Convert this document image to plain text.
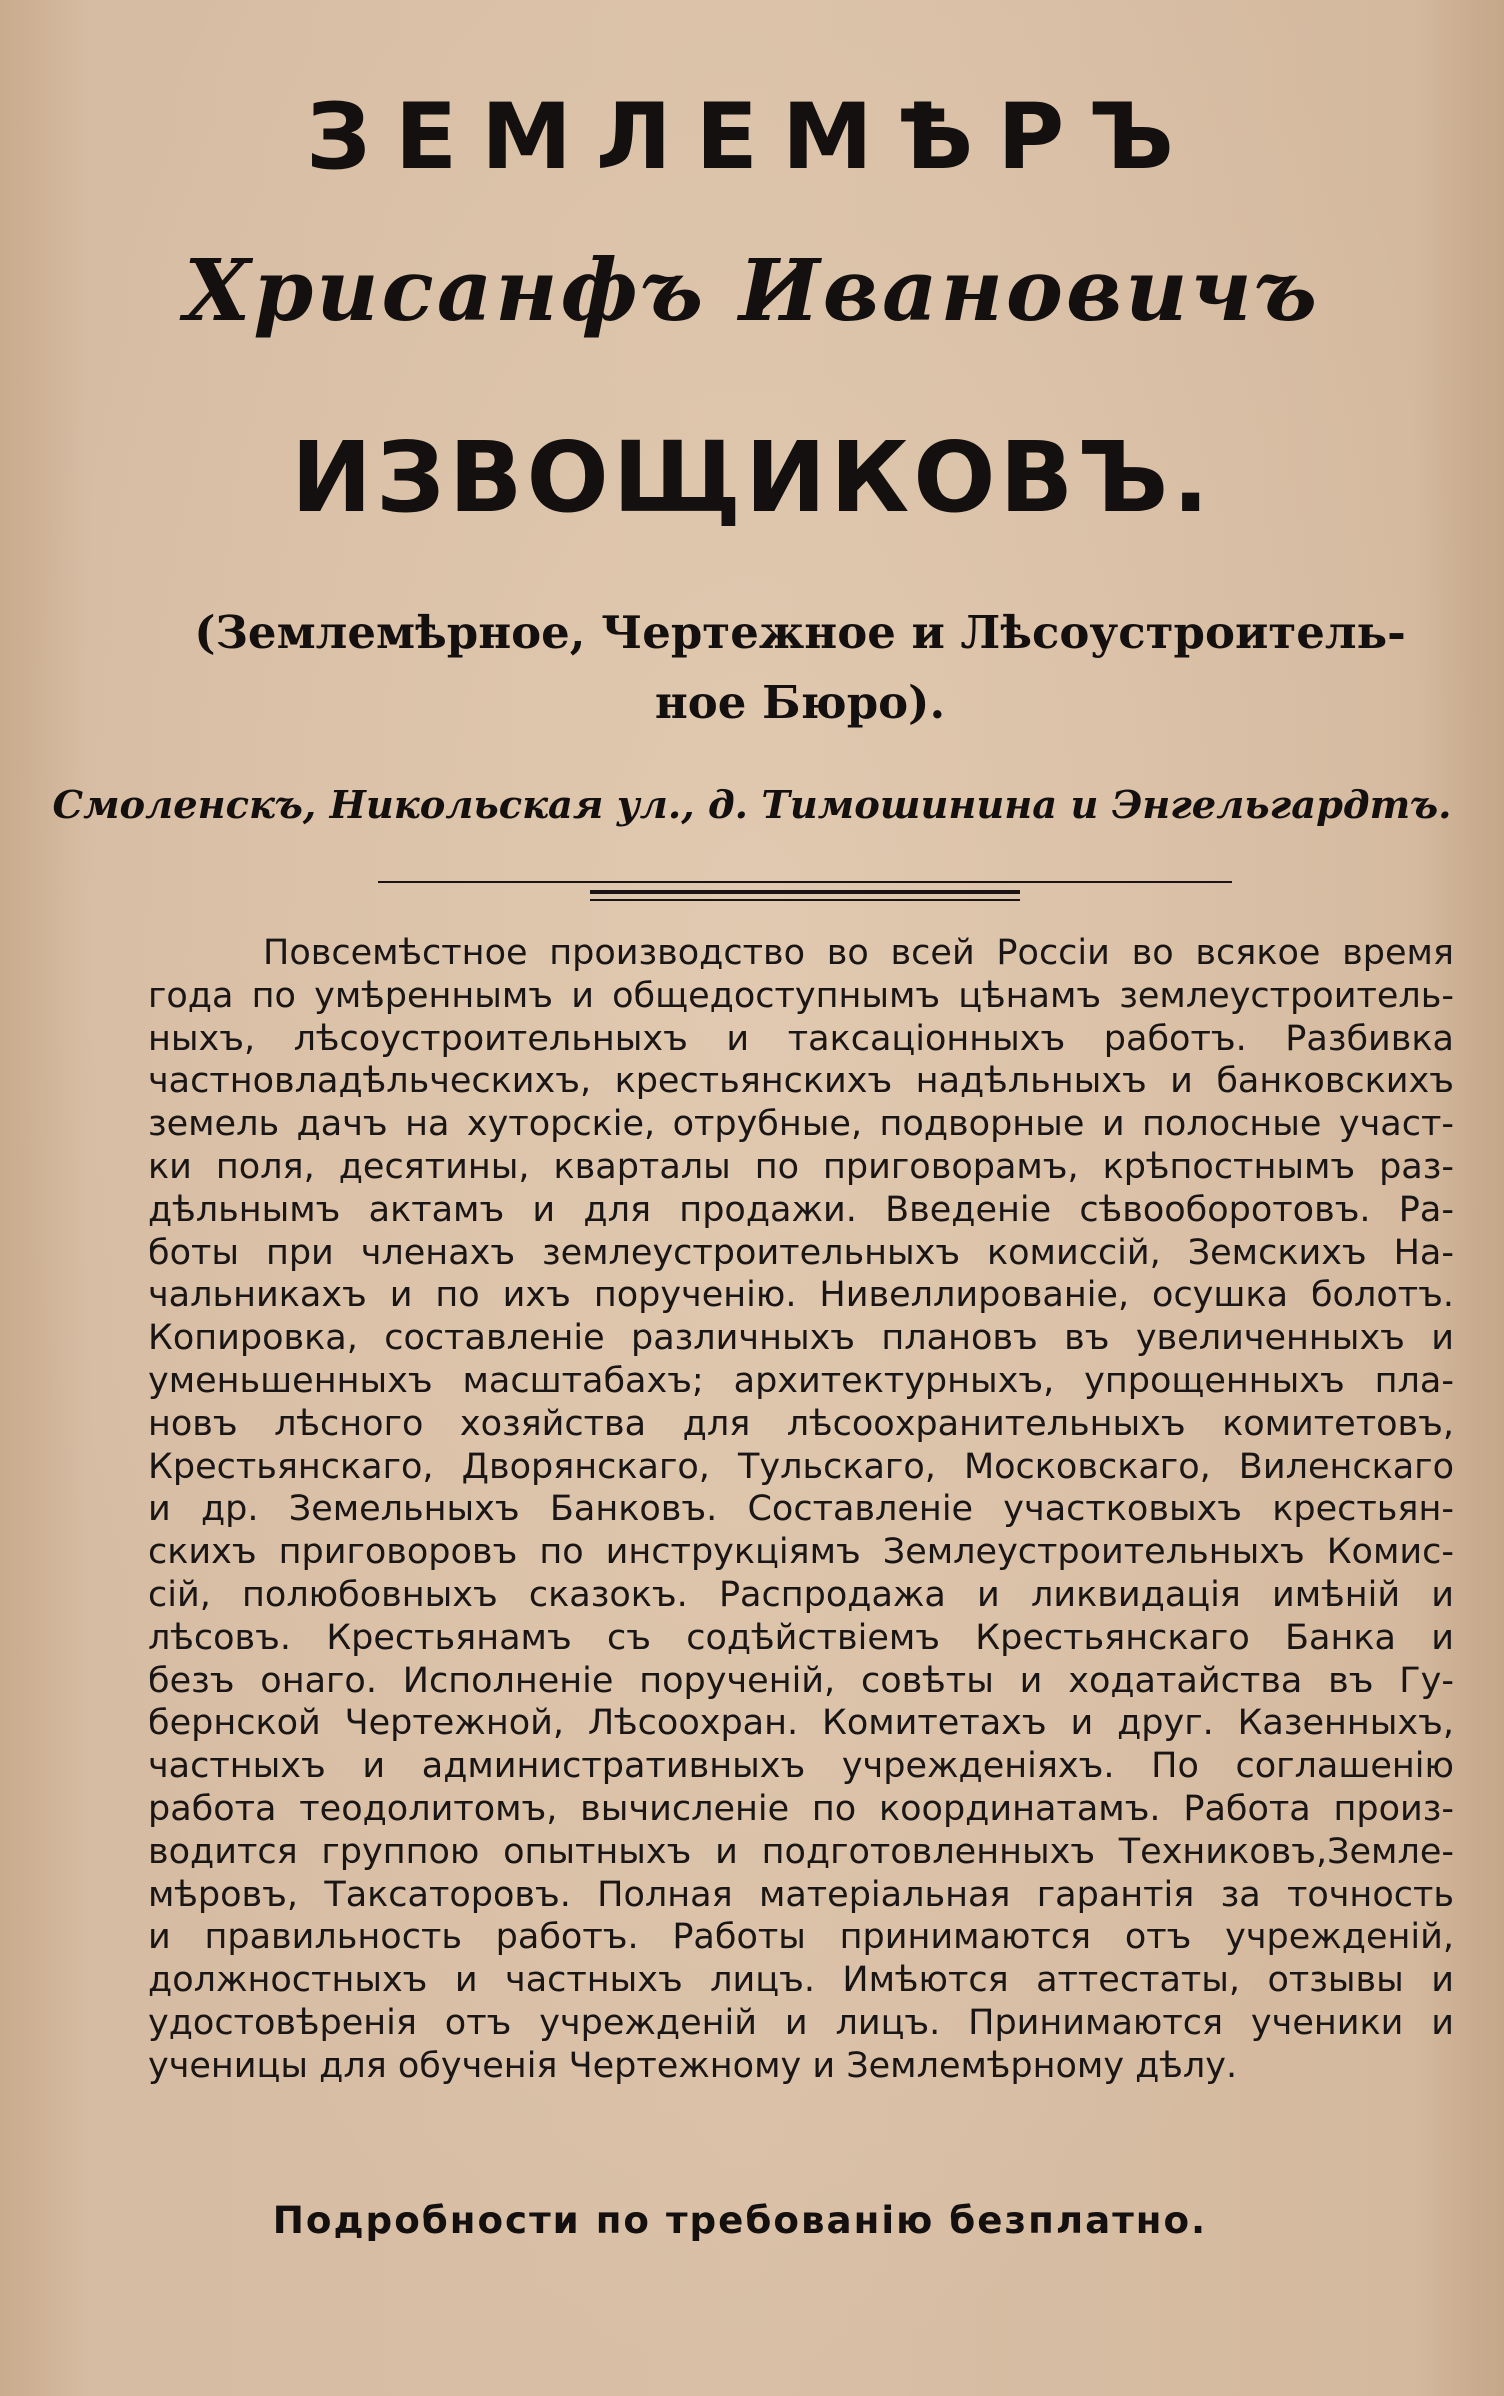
ЗЕМЛЕМѢРЪ
Хрисанфъ Ивановичъ
ИЗВОЩИКОВЪ.
(Землемѣрное, Чертежное и Лѣсоустроитель-
ное Бюро).
Смоленскъ, Никольская ул., д. Тимошинина и Энгельгардтъ.
Повсемѣстное производство во всей Россіи во всякое время
года по умѣреннымъ и общедоступнымъ цѣнамъ землеустроитель-
ныхъ, лѣсоустроительныхъ и таксаціонныхъ работъ. Разбивка
частновладѣльческихъ, крестьянскихъ надѣльныхъ и банковскихъ
земель дачъ на хуторскіе, отрубные, подворные и полосные участ-
ки поля, десятины, кварталы по приговорамъ, крѣпостнымъ раз-
дѣльнымъ актамъ и для продажи. Введеніе сѣвооборотовъ. Ра-
боты при членахъ землеустроительныхъ комиссій, Земскихъ На-
чальникахъ и по ихъ порученію. Нивеллированіе, осушка болотъ.
Копировка, составленіе различныхъ плановъ въ увеличенныхъ и
уменьшенныхъ масштабахъ; архитектурныхъ, упрощенныхъ пла-
новъ лѣсного хозяйства для лѣсоохранительныхъ комитетовъ,
Крестьянскаго, Дворянскаго, Тульскаго, Московскаго, Виленскаго
и др. Земельныхъ Банковъ. Составленіе участковыхъ крестьян-
скихъ приговоровъ по инструкціямъ Землеустроительныхъ Комис-
сій, полюбовныхъ сказокъ. Распродажа и ликвидація имѣній и
лѣсовъ. Крестьянамъ съ содѣйствіемъ Крестьянскаго Банка и
безъ онаго. Исполненіе порученій, совѣты и ходатайства въ Гу-
бернской Чертежной, Лѣсоохран. Комитетахъ и друг. Казенныхъ,
частныхъ и административныхъ учрежденіяхъ. По соглашенію
работа теодолитомъ, вычисленіе по координатамъ. Работа произ-
водится группою опытныхъ и подготовленныхъ Техниковъ,Земле-
мѣровъ, Таксаторовъ. Полная матеріальная гарантія за точность
и правильность работъ. Работы принимаются отъ учрежденій,
должностныхъ и частныхъ лицъ. Имѣются аттестаты, отзывы и
удостовѣренія отъ учрежденій и лицъ. Принимаются ученики и
ученицы для обученія Чертежному и Землемѣрному дѣлу.
Подробности по требованію безплатно.
